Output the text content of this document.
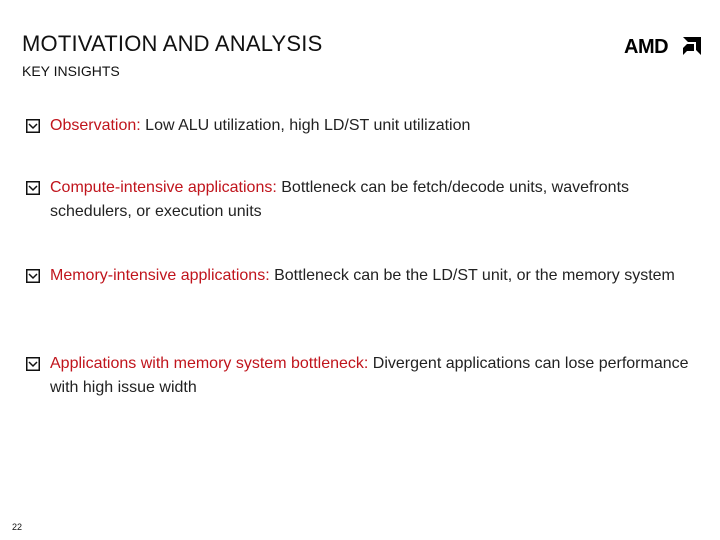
MOTIVATION AND ANALYSIS
KEY INSIGHTS
AMD
Observation: Low ALU utilization, high LD/ST unit utilization
Compute-intensive applications: Bottleneck can be fetch/decode units, wavefronts schedulers, or execution units
Memory-intensive applications: Bottleneck can be the LD/ST unit, or the memory system
Applications with memory system bottleneck: Divergent applications can lose performance with high issue width
22
